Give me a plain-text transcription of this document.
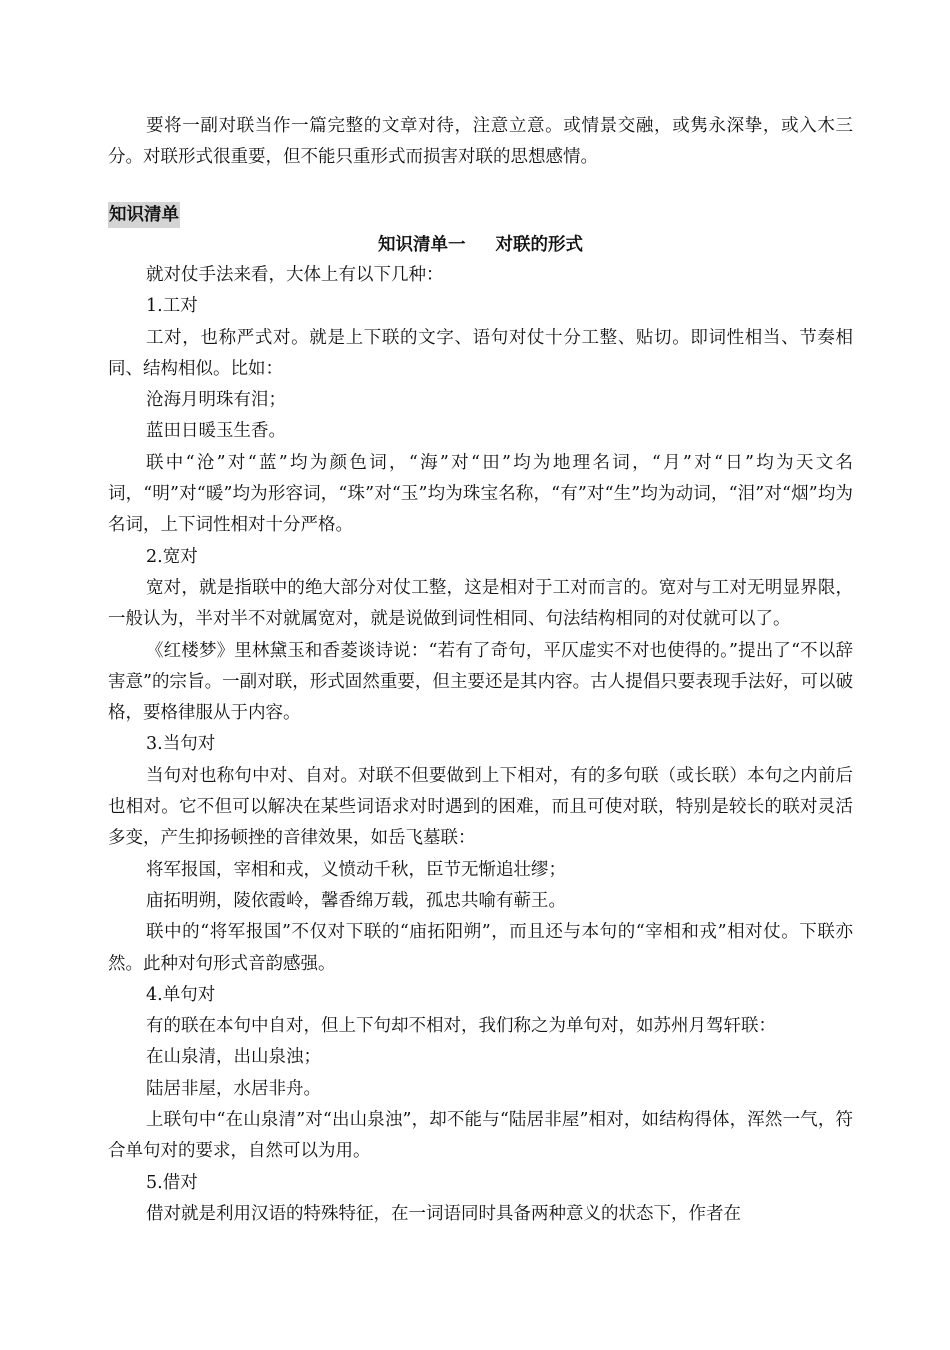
要将一副对联当作一篇完整的文章对待，注意立意。或情景交融，或隽永深挚，或入木三分。对联形式很重要，但不能只重形式而损害对联的思想感情。

知识清单
知识清单一 对联的形式

就对仗手法来看，大体上有以下几种：

1.工对

工对，也称严式对。就是上下联的文字、语句对仗十分工整、贴切。即词性相当、节奏相同、结构相似。比如：

沧海月明珠有泪；

蓝田日暖玉生香。

联中“沧”对“蓝”均为颜色词，“海”对“田”均为地理名词，“月”对“日”均为天文名词，“明”对“暖”均为形容词，“珠”对“玉”均为珠宝名称，“有”对“生”均为动词，“泪”对“烟”均为名词，上下词性相对十分严格。

2.宽对

宽对，就是指联中的绝大部分对仗工整，这是相对于工对而言的。宽对与工对无明显界限，一般认为，半对半不对就属宽对，就是说做到词性相同、句法结构相同的对仗就可以了。

《红楼梦》里林黛玉和香菱谈诗说：“若有了奇句，平仄虚实不对也使得的。”提出了“不以辞害意”的宗旨。一副对联，形式固然重要，但主要还是其内容。古人提倡只要表现手法好，可以破格，要格律服从于内容。

3.当句对

当句对也称句中对、自对。对联不但要做到上下相对，有的多句联（或长联）本句之内前后也相对。它不但可以解决在某些词语求对时遇到的困难，而且可使对联，特别是较长的联对灵活多变，产生抑扬顿挫的音律效果，如岳飞墓联：

将军报国，宰相和戎，义愤动千秋，臣节无惭追壮缪；

庙拓明朔，陵依霞岭，馨香绵万载，孤忠共喻有蕲王。

联中的“将军报国”不仅对下联的“庙拓阳朔”，而且还与本句的“宰相和戎”相对仗。下联亦然。此种对句形式音韵感强。

4.单句对

有的联在本句中自对，但上下句却不相对，我们称之为单句对，如苏州月驾轩联：

在山泉清，出山泉浊；

陆居非屋，水居非舟。

上联句中“在山泉清”对“出山泉浊”，却不能与“陆居非屋”相对，如结构得体，浑然一气，符合单句对的要求，自然可以为用。

5.借对

借对就是利用汉语的特殊特征，在一词语同时具备两种意义的状态下，作者在
